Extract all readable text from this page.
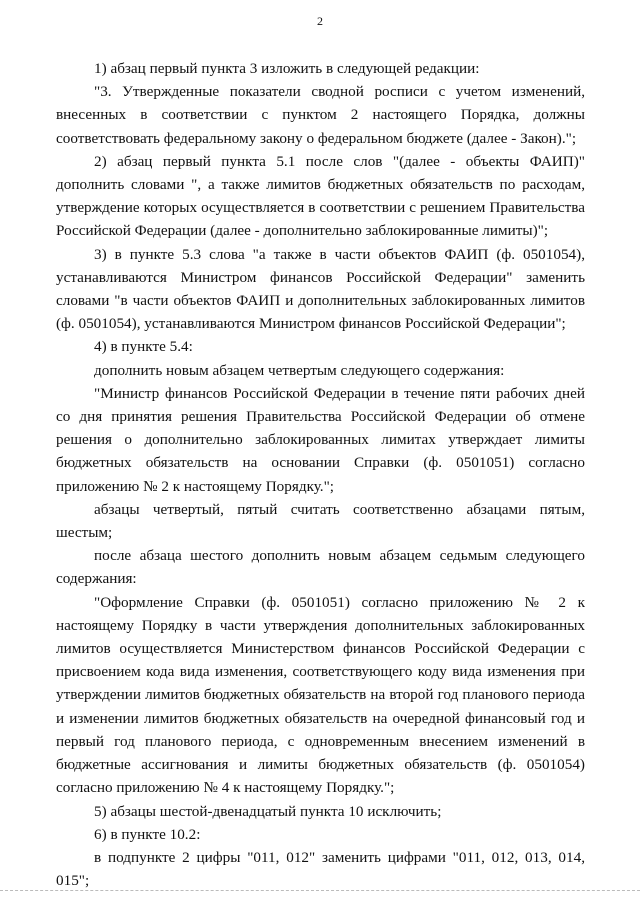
2

1) абзац первый пункта 3 изложить в следующей редакции:

"3. Утвержденные показатели сводной росписи с учетом изменений, внесенных в соответствии с пунктом 2 настоящего Порядка, должны соответствовать федеральному закону о федеральном бюджете (далее - Закон).";

2) абзац первый пункта 5.1 после слов "(далее - объекты ФАИП)" дополнить словами ", а также лимитов бюджетных обязательств по расходам, утверждение которых осуществляется в соответствии с решением Правительства Российской Федерации (далее - дополнительно заблокированные лимиты)";

3) в пункте 5.3 слова "а также в части объектов ФАИП (ф. 0501054), устанавливаются Министром финансов Российской Федерации" заменить словами "в части объектов ФАИП и дополнительных заблокированных лимитов (ф. 0501054), устанавливаются Министром финансов Российской Федерации";

4) в пункте 5.4:

дополнить новым абзацем четвертым следующего содержания:

"Министр финансов Российской Федерации в течение пяти рабочих дней со дня принятия решения Правительства Российской Федерации об отмене решения о дополнительно заблокированных лимитах утверждает лимиты бюджетных обязательств на основании Справки (ф. 0501051) согласно приложению № 2 к настоящему Порядку.";

абзацы четвертый, пятый считать соответственно абзацами пятым, шестым;

после абзаца шестого дополнить новым абзацем седьмым следующего содержания:

"Оформление Справки (ф. 0501051) согласно приложению № 2 к настоящему Порядку в части утверждения дополнительных заблокированных лимитов осуществляется Министерством финансов Российской Федерации с присвоением кода вида изменения, соответствующего коду вида изменения при утверждении лимитов бюджетных обязательств на второй год планового периода и изменении лимитов бюджетных обязательств на очередной финансовый год и первый год планового периода, с одновременным внесением изменений в бюджетные ассигнования и лимиты бюджетных обязательств (ф. 0501054) согласно приложению № 4 к настоящему Порядку.";

5) абзацы шестой-двенадцатый пункта 10 исключить;

6) в пункте 10.2:

в подпункте 2 цифры "011, 012" заменить цифрами "011, 012, 013, 014, 015";
